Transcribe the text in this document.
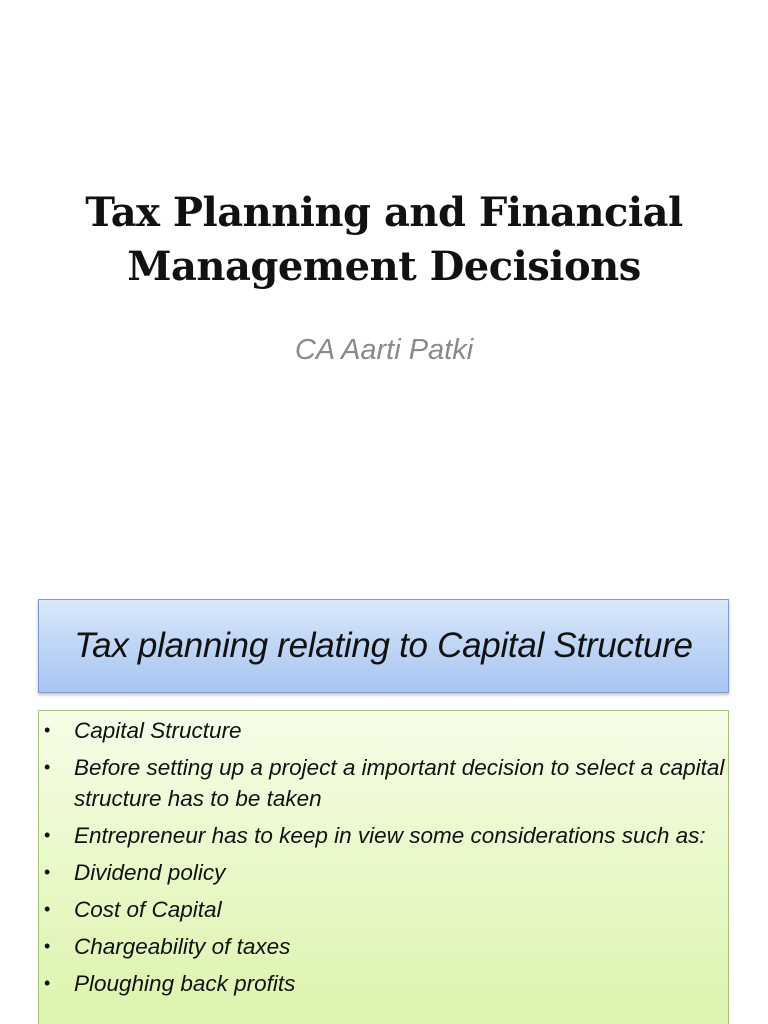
Tax Planning and Financial
Management Decisions
CA Aarti Patki
Tax planning relating to Capital Structure
• Capital Structure
• Before setting up a project a important decision to select a capital structure has to be taken
• Entrepreneur has to keep in view some considerations such as:
• Dividend policy
• Cost of Capital
• Chargeability of taxes
• Ploughing back profits
